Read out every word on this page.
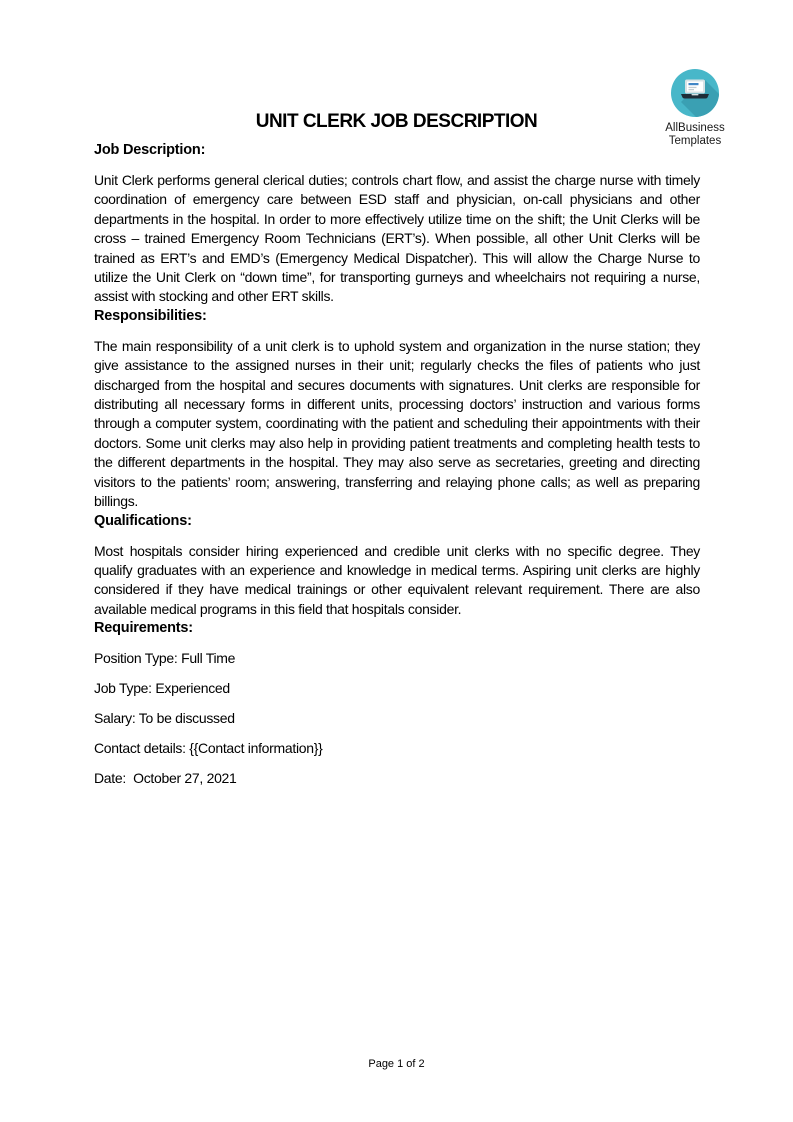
AllBusiness
Templates
UNIT CLERK JOB DESCRIPTION
Job Description:

Unit Clerk performs general clerical duties; controls chart flow, and assist the charge nurse with timely coordination of emergency care between ESD staff and physician, on-call physicians and other departments in the hospital. In order to more effectively utilize time on the shift; the Unit Clerks will be cross – trained Emergency Room Technicians (ERT’s). When possible, all other Unit Clerks will be trained as ERT’s and EMD’s (Emergency Medical Dispatcher). This will allow the Charge Nurse to utilize the Unit Clerk on “down time”, for transporting gurneys and wheelchairs not requiring a nurse, assist with stocking and other ERT skills.

Responsibilities:

The main responsibility of a unit clerk is to uphold system and organization in the nurse station; they give assistance to the assigned nurses in their unit; regularly checks the files of patients who just discharged from the hospital and secures documents with signatures. Unit clerks are responsible for distributing all necessary forms in different units, processing doctors’ instruction and various forms through a computer system, coordinating with the patient and scheduling their appointments with their doctors. Some unit clerks may also help in providing patient treatments and completing health tests to the different departments in the hospital. They may also serve as secretaries, greeting and directing visitors to the patients’ room; answering, transferring and relaying phone calls; as well as preparing billings.

Qualifications:

Most hospitals consider hiring experienced and credible unit clerks with no specific degree. They qualify graduates with an experience and knowledge in medical terms. Aspiring unit clerks are highly considered if they have medical trainings or other equivalent relevant requirement. There are also available medical programs in this field that hospitals consider.

Requirements:

Position Type: Full Time

Job Type: Experienced

Salary: To be discussed

Contact details: {{Contact information}}

Date:  October 27, 2021

Page 1 of 2
